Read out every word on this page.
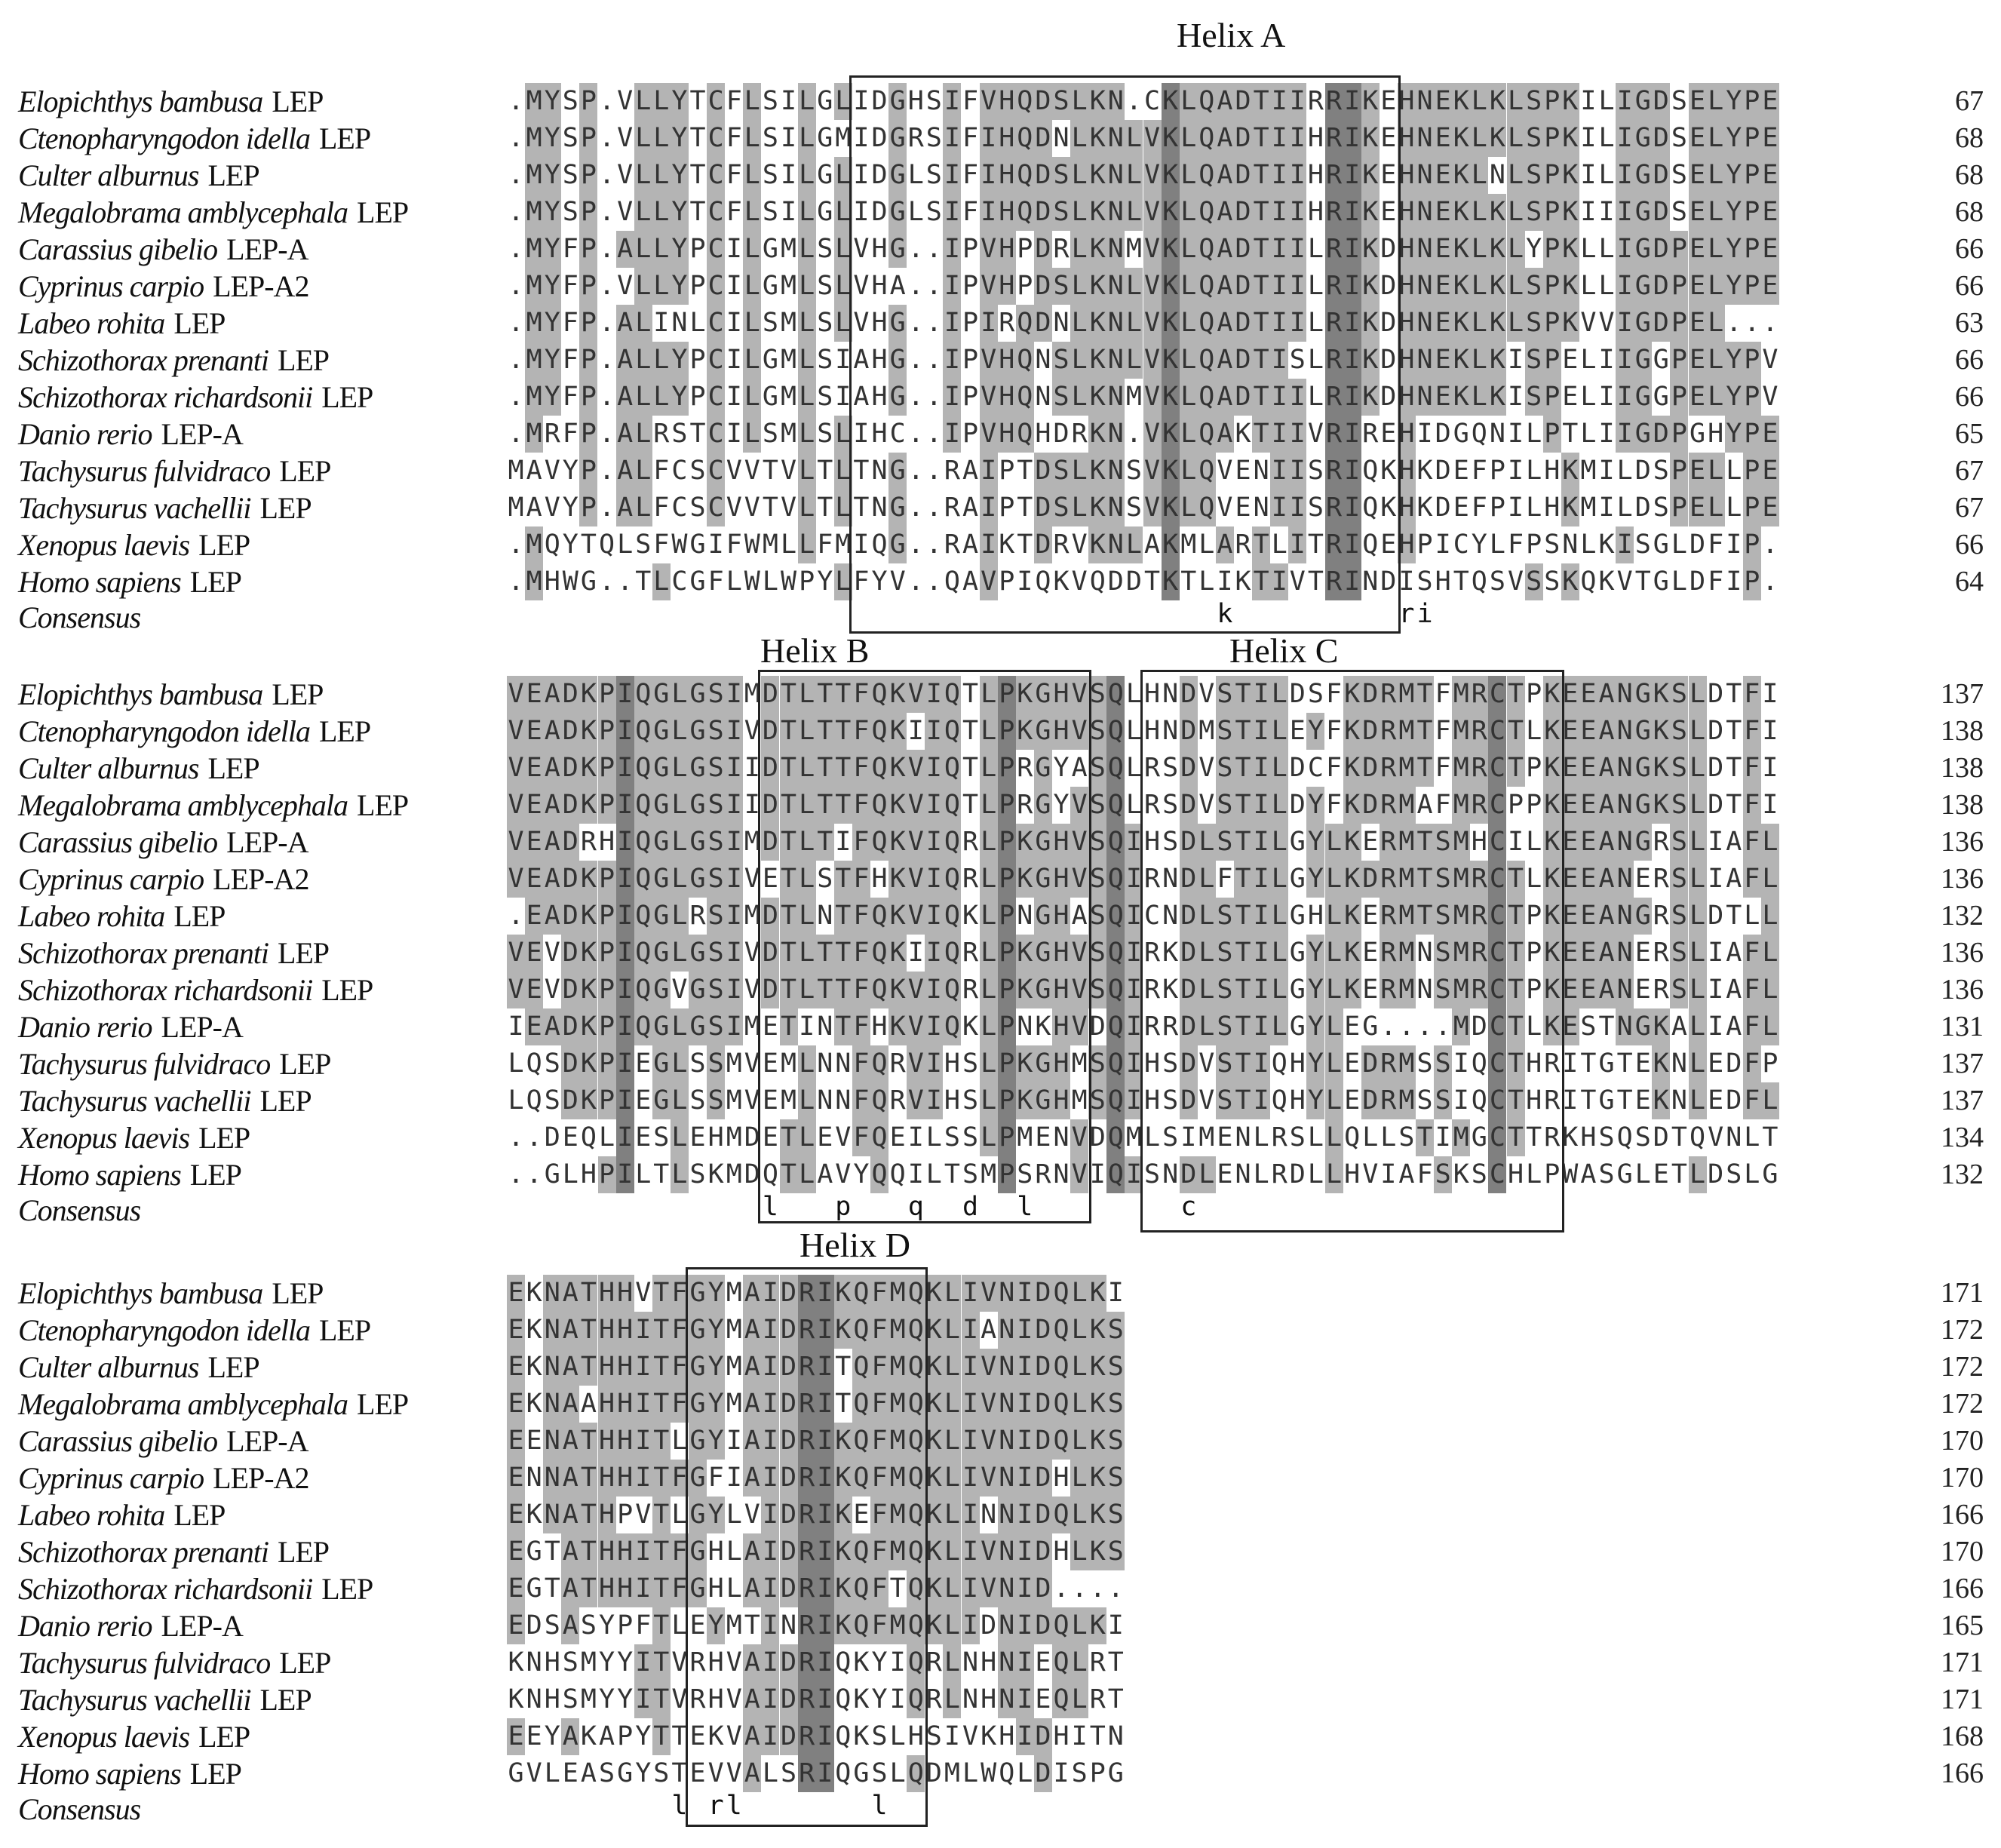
Elopichthys bambusa LEP	. M Y S P . V L L Y T C F L S I L G L I D G H S I F V H Q D S L K N . C K L Q A D T I I R R I K E H N E K L K L S P K I L I G D S E L Y P E	67
Ctenopharyngodon idella LEP	. M Y S P . V L L Y T C F L S I L G M I D G R S I F I H Q D N L K N L V K L Q A D T I I H R I K E H N E K L K L S P K I L I G D S E L Y P E	68
Culter alburnus LEP	. M Y S P . V L L Y T C F L S I L G L I D G L S I F I H Q D S L K N L V K L Q A D T I I H R I K E H N E K L N L S P K I L I G D S E L Y P E	68
Megalobrama amblycephala LEP	. M Y S P . V L L Y T C F L S I L G L I D G L S I F I H Q D S L K N L V K L Q A D T I I H R I K E H N E K L K L S P K I I I G D S E L Y P E	68
Carassius gibelio LEP-A	. M Y F P . A L L Y P C I L G M L S L V H G . . I P V H P D R L K N M V K L Q A D T I I L R I K D H N E K L K L Y P K L L I G D P E L Y P E	66
Cyprinus carpio LEP-A2	. M Y F P . V L L Y P C I L G M L S L V H A . . I P V H P D S L K N L V K L Q A D T I I L R I K D H N E K L K L S P K L L I G D P E L Y P E	66
Labeo rohita LEP	. M Y F P . A L I N L C I L S M L S L V H G . . I P I R Q D N L K N L V K L Q A D T I I L R I K D H N E K L K L S P K V V I G D P E L . . .	63
Schizothorax prenanti LEP	. M Y F P . A L L Y P C I L G M L S I A H G . . I P V H Q N S L K N L V K L Q A D T I S L R I K D H N E K L K I S P E L I I G G P E L Y P V	66
Schizothorax richardsonii LEP	. M Y F P . A L L Y P C I L G M L S I A H G . . I P V H Q N S L K N M V K L Q A D T I I L R I K D H N E K L K I S P E L I I G G P E L Y P V	66
Danio rerio LEP-A	. M R F P . A L R S T C I L S M L S L I H C . . I P V H Q H D R K N . V K L Q A K T I I V R I R E H I D G Q N I L P T L I I G D P G H Y P E	65
Tachysurus fulvidraco LEP	M A V Y P . A L F C S C V V T V L T L T N G . . R A I P T D S L K N S V K L Q V E N I I S R I Q K H K D E F P I L H K M I L D S P E L L P E	67
Tachysurus vachellii LEP	M A V Y P . A L F C S C V V T V L T L T N G . . R A I P T D S L K N S V K L Q V E N I I S R I Q K H K D E F P I L H K M I L D S P E L L P E	67
Xenopus laevis LEP	. M Q Y T Q L S F W G I F W M L L F M I Q G . . R A I K T D R V K N L A K M L A R T L I T R I Q E H P I C Y L F P S N L K I S G L D F I P .	66
Homo sapiens LEP	. M H W G . . T L C G F L W L W P Y L F Y V . . Q A V P I Q K V Q D D T K T L I K T I V T R I N D I S H T Q S V S S K Q K V T G L D F I P .	64
Consensus	k	r i
Elopichthys bambusa LEP	V E A D K P I Q G L G S I M D T L T T F Q K V I Q T L P K G H V S Q L H N D V S T I L D S F K D R M T F M R C T P K E E A N G K S L D T F I	137
Ctenopharyngodon idella LEP	V E A D K P I Q G L G S I V D T L T T F Q K I I Q T L P K G H V S Q L H N D M S T I L E Y F K D R M T F M R C T L K E E A N G K S L D T F I	138
Culter alburnus LEP	V E A D K P I Q G L G S I I D T L T T F Q K V I Q T L P R G Y A S Q L R S D V S T I L D C F K D R M T F M R C T P K E E A N G K S L D T F I	138
Megalobrama amblycephala LEP	V E A D K P I Q G L G S I I D T L T T F Q K V I Q T L P R G Y V S Q L R S D V S T I L D Y F K D R M A F M R C P P K E E A N G K S L D T F I	138
Carassius gibelio LEP-A	V E A D R H I Q G L G S I M D T L T I F Q K V I Q R L P K G H V S Q I H S D L S T I L G Y L K E R M T S M H C I L K E E A N G R S L I A F L	136
Cyprinus carpio LEP-A2	V E A D K P I Q G L G S I V E T L S T F H K V I Q R L P K G H V S Q I R N D L F T I L G Y L K D R M T S M R C T L K E E A N E R S L I A F L	136
Labeo rohita LEP	. E A D K P I Q G L R S I M D T L N T F Q K V I Q K L P N G H A S Q I C N D L S T I L G H L K E R M T S M R C T P K E E A N G R S L D T L L	132
Schizothorax prenanti LEP	V E V D K P I Q G L G S I V D T L T T F Q K I I Q R L P K G H V S Q I R K D L S T I L G Y L K E R M N S M R C T P K E E A N E R S L I A F L	136
Schizothorax richardsonii LEP	V E V D K P I Q G V G S I V D T L T T F Q K V I Q R L P K G H V S Q I R K D L S T I L G Y L K E R M N S M R C T P K E E A N E R S L I A F L	136
Danio rerio LEP-A	I E A D K P I Q G L G S I M E T I N T F H K V I Q K L P N K H V D Q I R R D L S T I L G Y L E G . . . . M D C T L K E S T N G K A L I A F L	131
Tachysurus fulvidraco LEP	L Q S D K P I E G L S S M V E M L N N F Q R V I H S L P K G H M S Q I H S D V S T I Q H Y L E D R M S S I Q C T H R I T G T E K N L E D F P	137
Tachysurus vachellii LEP	L Q S D K P I E G L S S M V E M L N N F Q R V I H S L P K G H M S Q I H S D V S T I Q H Y L E D R M S S I Q C T H R I T G T E K N L E D F L	137
Xenopus laevis LEP	. . D E Q L I E S L E H M D E T L E V F Q E I L S S L P M E N V D Q M L S I M E N L R S L L Q L L S T I M G C T T R K H S Q S D T Q V N L T	134
Homo sapiens LEP	. . G L H P I L T L S K M D Q T L A V Y Q Q I L T S M P S R N V I Q I S N D L E N L R D L L H V I A F S K S C H L P W A S G L E T L D S L G	132
Consensus	l p q d l	c
Elopichthys bambusa LEP	E K N A T H H V T F G Y M A I D R I K Q F M Q K L I V N I D Q L K I	171
Ctenopharyngodon idella LEP	E K N A T H H I T F G Y M A I D R I K Q F M Q K L I A N I D Q L K S	172
Culter alburnus LEP	E K N A T H H I T F G Y M A I D R I T Q F M Q K L I V N I D Q L K S	172
Megalobrama amblycephala LEP	E K N A A H H I T F G Y M A I D R I T Q F M Q K L I V N I D Q L K S	172
Carassius gibelio LEP-A	E E N A T H H I T L G Y I A I D R I K Q F M Q K L I V N I D Q L K S	170
Cyprinus carpio LEP-A2	E N N A T H H I T F G F I A I D R I K Q F M Q K L I V N I D H L K S	170
Labeo rohita LEP	E K N A T H P V T L G Y L V I D R I K E F M Q K L I N N I D Q L K S	166
Schizothorax prenanti LEP	E G T A T H H I T F G H L A I D R I K Q F M Q K L I V N I D H L K S	170
Schizothorax richardsonii LEP	E G T A T H H I T F G H L A I D R I K Q F T Q K L I V N I D . . . .	166
Danio rerio LEP-A	E D S A S Y P F T L E Y M T I N R I K Q F M Q K L I D N I D Q L K I	165
Tachysurus fulvidraco LEP	K N H S M Y Y I T V R H V A I D R I Q K Y I Q R L N H N I E Q L R T	171
Tachysurus vachellii LEP	K N H S M Y Y I T V R H V A I D R I Q K Y I Q R L N H N I E Q L R T	171
Xenopus laevis LEP	E E Y A K A P Y T T E K V A I D R I Q K S L H S I V K H I D H I T N	168
Homo sapiens LEP	G V L E A S G Y S T E V V A L S R I Q G S L Q D M L W Q L D I S P G	166
Consensus	l r l	l
Helix A
Helix B	Helix C
Helix D
